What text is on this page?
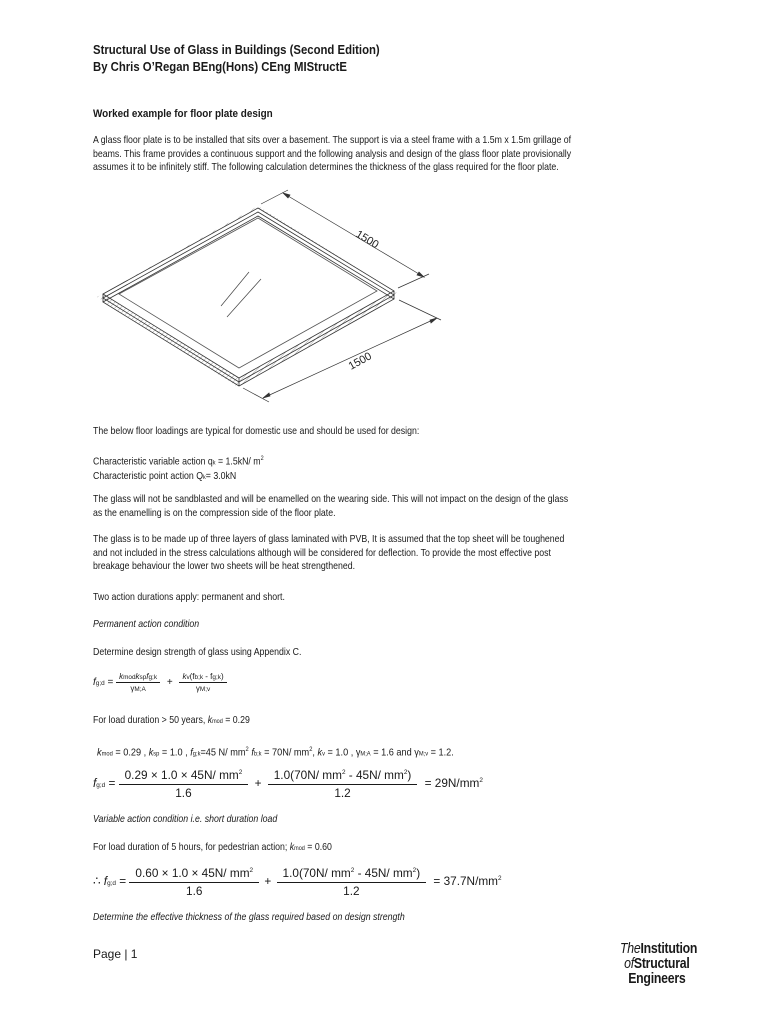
Structural Use of Glass in Buildings (Second Edition)
By Chris O’Regan BEng(Hons) CEng MIStructE
Worked example for floor plate design
A glass floor plate is to be installed that sits over a basement. The support is via a steel frame with a 1.5m x 1.5m grillage of
beams. This frame provides a continuous support and the following analysis and design of the glass floor plate provisionally
assumes it to be infinitely stiff. The following calculation determines the thickness of the glass required for the floor plate.
1500
1500
The below floor loadings are typical for domestic use and should be used for design:
Characteristic variable action qk = 1.5kN/ $m^2$
Characteristic point action Qk= 3.0kN
The glass will not be sandblasted and will be enamelled on the wearing side. This will not impact on the design of the glass
as the enamelling is on the compression side of the floor plate.
The glass is to be made up of three layers of glass laminated with PVB, It is assumed that the top sheet will be toughened
and not included in the stress calculations although will be considered for deflection. To provide the most effective post
breakage behaviour the lower two sheets will be heat strengthened.
Two action durations apply: permanent and short.
Permanent action condition
Determine design strength of glass using Appendix C.
fg;d = $\frac{\text{kmodkspfg;k}}{\gamma M;A} + \frac{kv(fb;k - fg;k)}{\gamma M;v}$
For load duration > 50 years, kmod = 0.29
kmod = 0.29 , ksp = 1.0 , fg;k=45 N/ $mm^2$ fb;k = 70N/ $mm^2$, kv = 1.0 , γM;A = 1.6 and γM;v = 1.2.
fg;d = $\frac{0.29 \times 1.0 \times 45N/ mm^2}{1.6} + \frac{1.0(70N/ mm^2 - 45N/ mm^2)}{1.2} = 29N/mm^2$
Variable action condition i.e. short duration load
For load duration of 5 hours, for pedestrian action; kmod = 0.60
∴ fg;d = $\frac{0.60 \times 1.0 \times 45N/ mm^2}{1.6} + \frac{1.0(70N/ mm^2 - 45N/ mm^2)}{1.2} = 37.7N/mm^2$
Determine the effective thickness of the glass required based on design strength
Page | 1	TheInstitution
ofStructural
Engineers
